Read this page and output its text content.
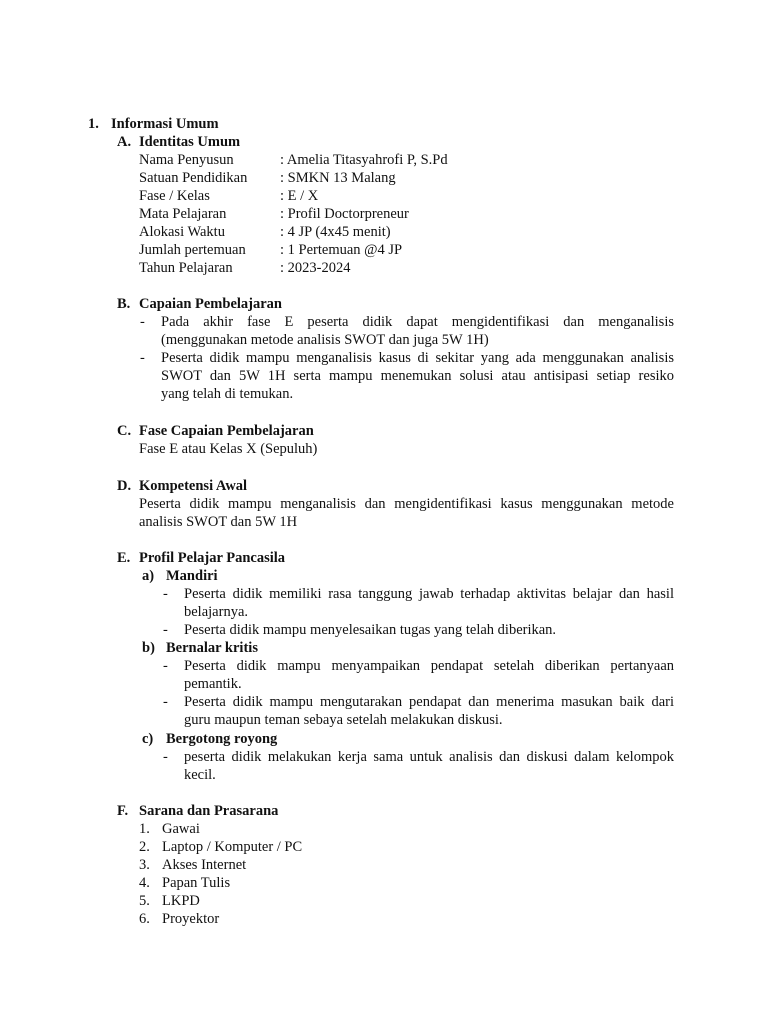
1. Informasi Umum
A. Identitas Umum
Nama Penyusun	: Amelia Titasyahrofi P, S.Pd
Satuan Pendidikan : SMKN 13 Malang
Fase / Kelas	: E / X
Mata Pelajaran	: Profil Doctorpreneur
Alokasi Waktu	: 4 JP (4x45 menit)
Jumlah pertemuan : 1 Pertemuan @4 JP
Tahun Pelajaran	: 2023-2024
B. Capaian Pembelajaran
- Pada akhir fase E peserta didik dapat mengidentifikasi dan menganalisis
(menggunakan metode analisis SWOT dan juga 5W 1H)
- Peserta didik mampu menganalisis kasus di sekitar yang ada menggunakan analisis
SWOT dan 5W 1H serta mampu menemukan solusi atau antisipasi setiap resiko
yang telah di temukan.
C. Fase Capaian Pembelajaran
Fase E atau Kelas X (Sepuluh)
D. Kompetensi Awal
Peserta didik mampu menganalisis dan mengidentifikasi kasus menggunakan metode
analisis SWOT dan 5W 1H
E. Profil Pelajar Pancasila
a) Mandiri
- Peserta didik memiliki rasa tanggung jawab terhadap aktivitas belajar dan hasil
belajarnya.
- Peserta didik mampu menyelesaikan tugas yang telah diberikan.
b) Bernalar kritis
- Peserta didik mampu menyampaikan pendapat setelah diberikan pertanyaan
pemantik.
- Peserta didik mampu mengutarakan pendapat dan menerima masukan baik dari
guru maupun teman sebaya setelah melakukan diskusi.
c) Bergotong royong
- peserta didik melakukan kerja sama untuk analisis dan diskusi dalam kelompok
kecil.
F. Sarana dan Prasarana
1. Gawai
2. Laptop / Komputer / PC
3. Akses Internet
4. Papan Tulis
5. LKPD
6. Proyektor
